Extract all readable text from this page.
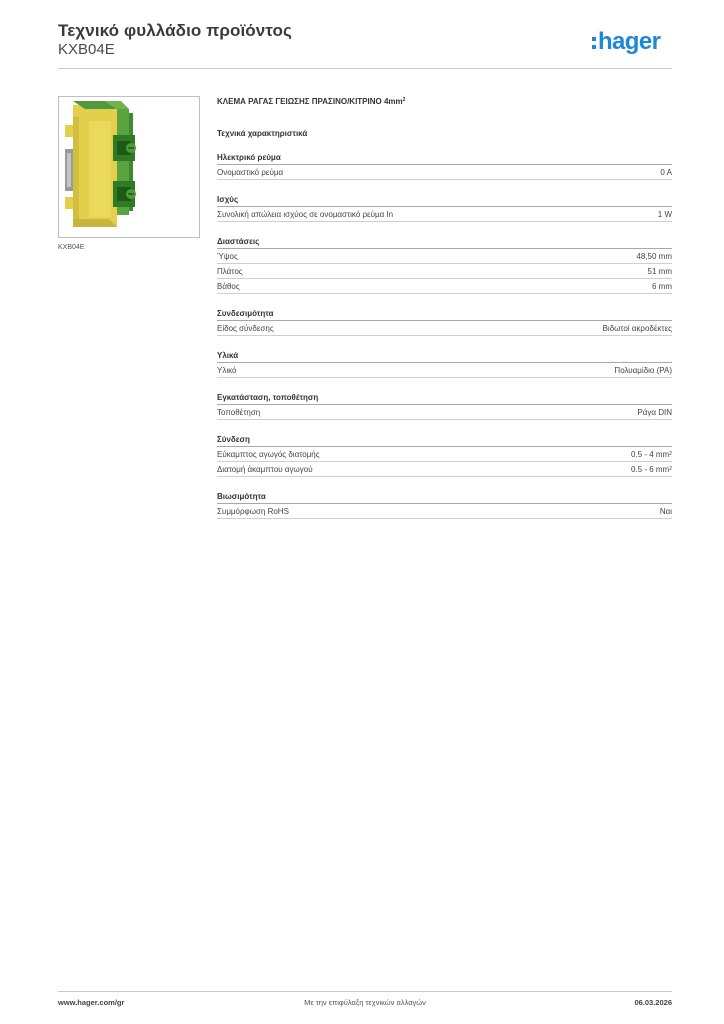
Τεχνικό φυλλάδιο προϊόντος
KXB04E	hager
KXB04E
ΚΛΕΜΑ ΡΑΓΑΣ ΓΕΙΩΣΗΣ ΠΡΑΣΙΝΟ/ΚΙΤΡΙΝΟ $4mm^2$
Τεχνικά χαρακτηριστικά
Ηλεκτρικό ρεύμα
Ονομαστικό ρεύμα	0 A
Ισχύς
Συνολική απώλεια ισχύος σε ονομαστικό ρεύμα In	1 W
Διαστάσεις
Ύψος	48,50 mm
Πλάτος	51 mm
Βάθος	6 mm
Συνδεσιμότητα
Είδος σύνδεσης	Βιδωτοί ακροδέκτες
Υλικά
Υλικό	Πολυαμίδιο (PA)
Εγκατάσταση, τοποθέτηση
Τοποθέτηση	Ράγα DIN
Σύνδεση
Εύκαμπτος αγωγός διατομής	0.5 - 4 $mm^2$
Διατομή άκαμπτου αγωγού	0.5 - 6 $mm^2$
Βιωσιμότητα
Συμμόρφωση RoHS	Ναι
Με την επιφύλαξη τεχνικών αλλαγών
www.hager.com/gr	06.03.2026
